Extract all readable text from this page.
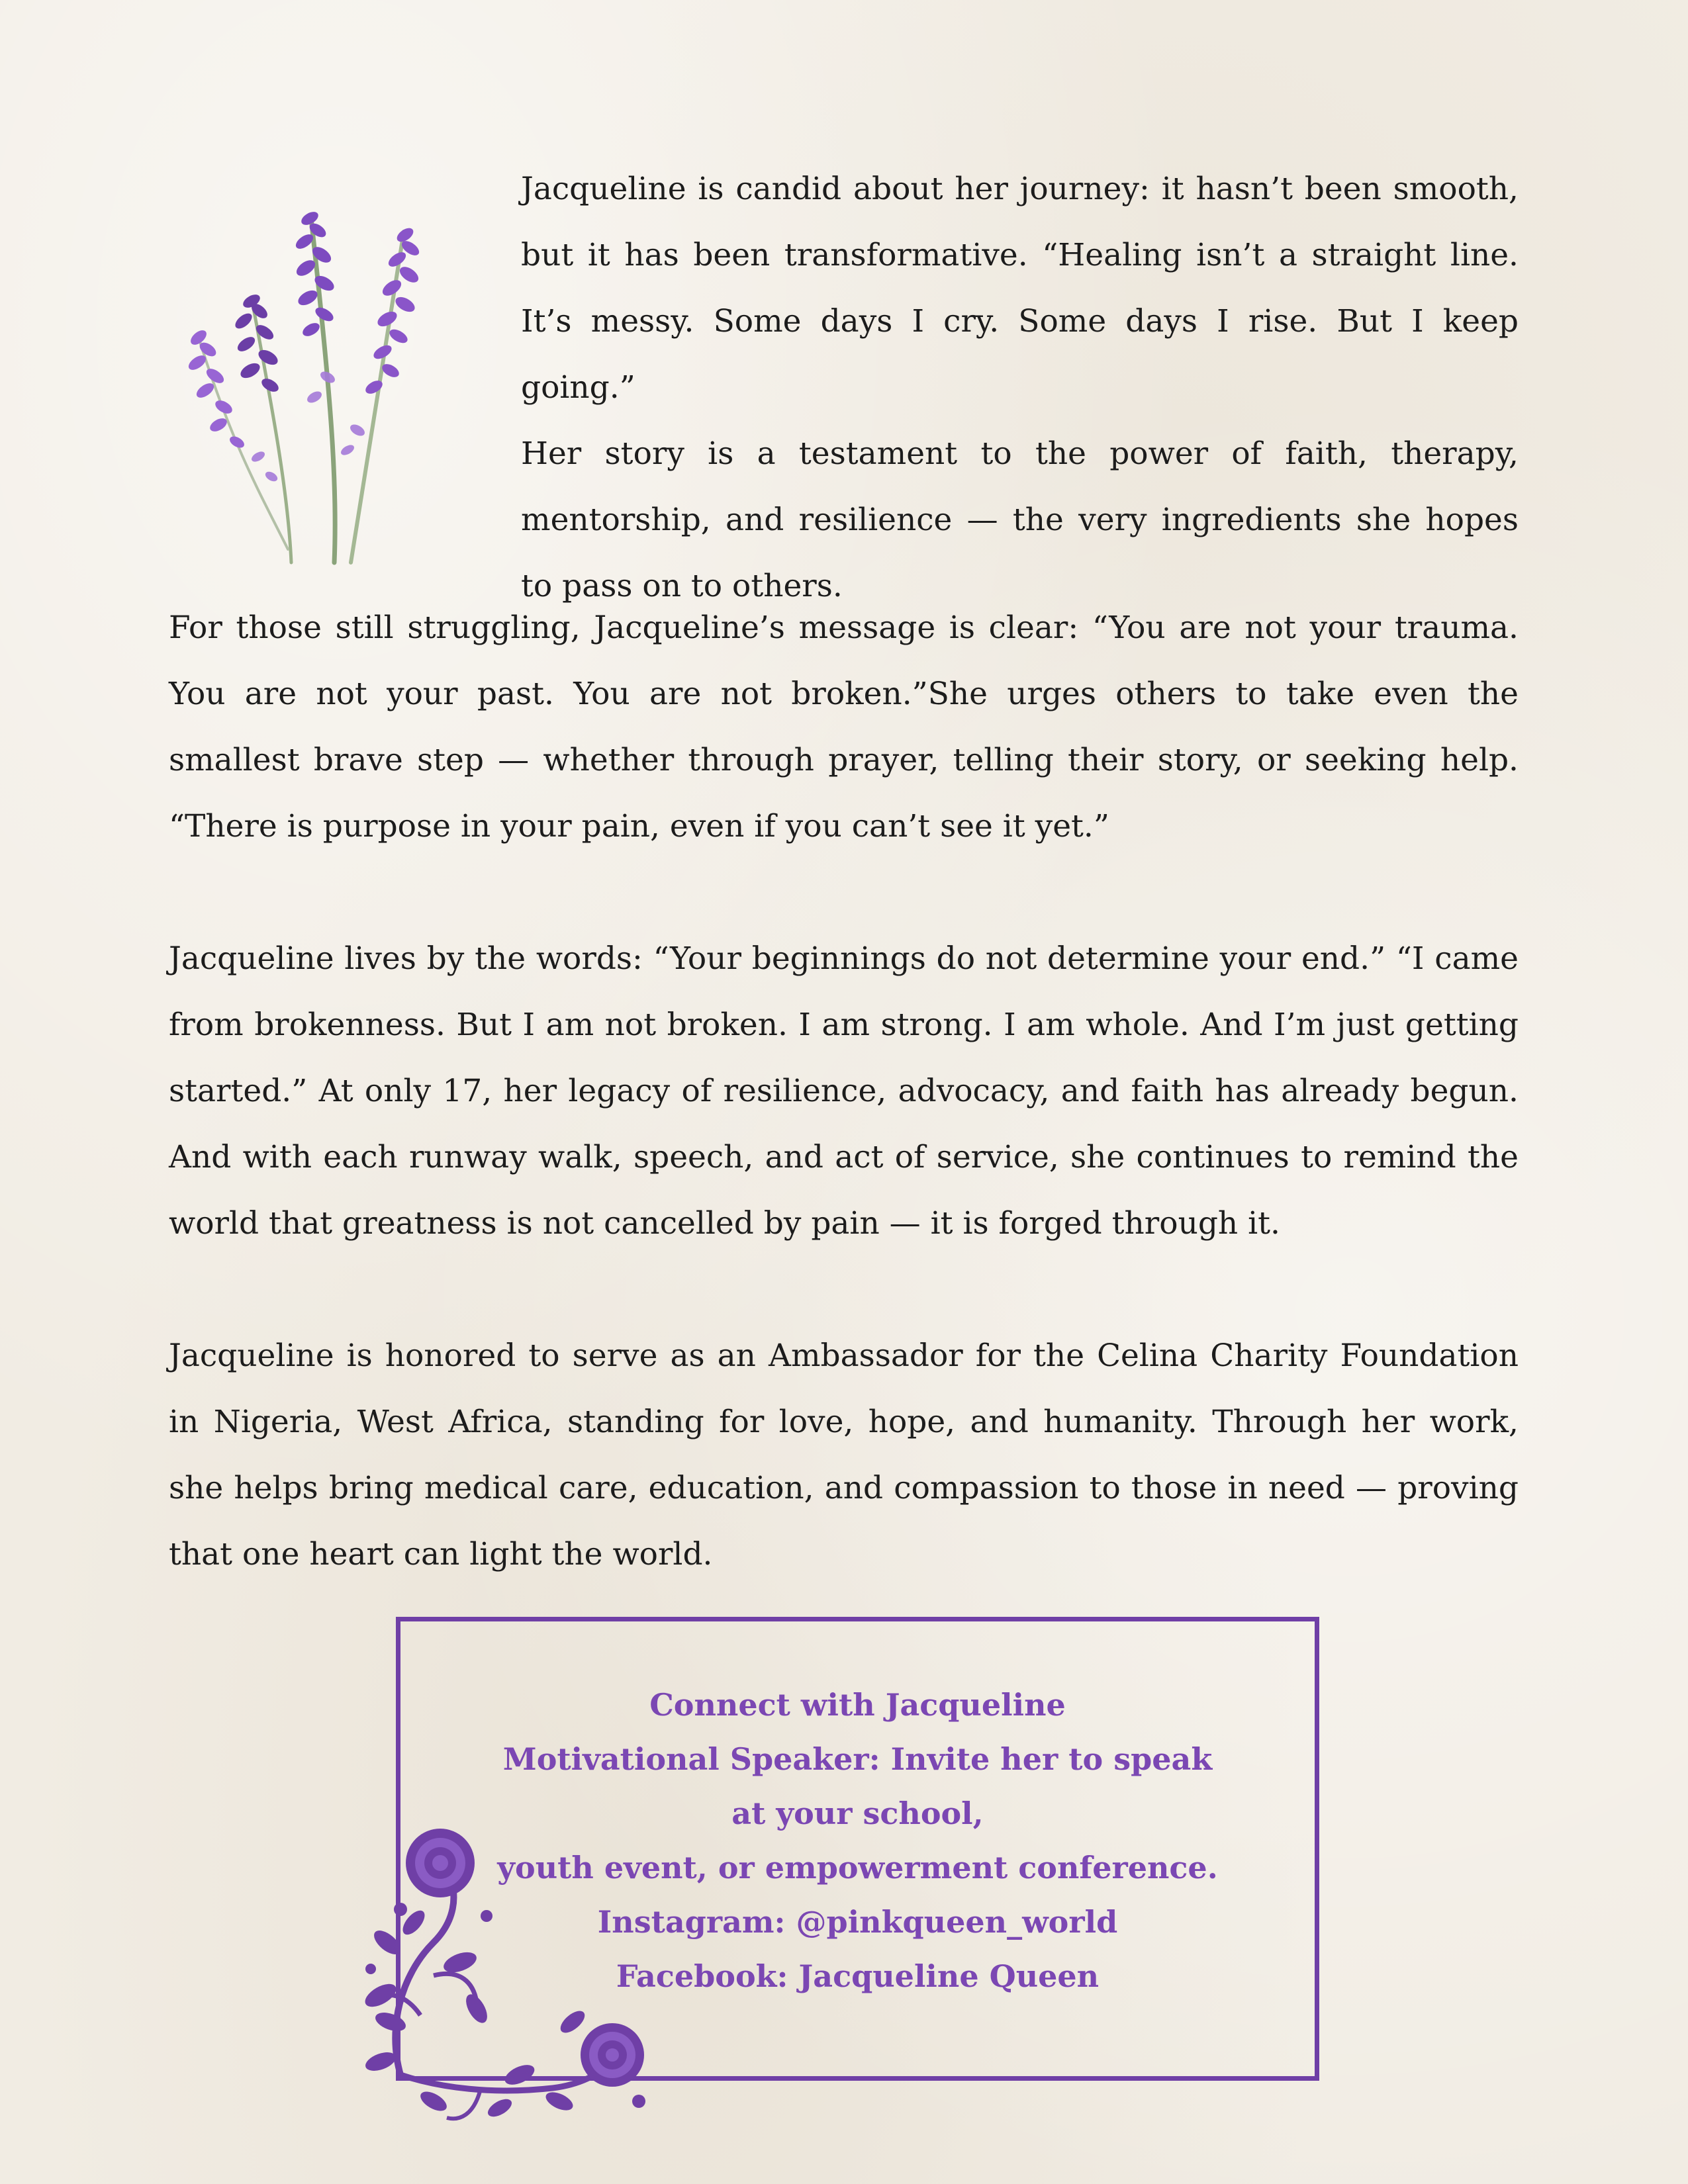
Jacqueline is candid about her journey: it hasn’t been smooth, but it has been transformative. “Healing isn’t a straight line. It’s messy. Some days I cry. Some days I rise. But I keep going.”
Her story is a testament to the power of faith, therapy, mentorship, and resilience — the very ingredients she hopes to pass on to others.

For those still struggling, Jacqueline’s message is clear: “You are not your trauma. You are not your past. You are not broken.”She urges others to take even the smallest brave step — whether through prayer, telling their story, or seeking help. “There is purpose in your pain, even if you can’t see it yet.”

Jacqueline lives by the words: “Your beginnings do not determine your end.” “I came from brokenness. But I am not broken. I am strong. I am whole. And I’m just getting started.” At only 17, her legacy of resilience, advocacy, and faith has already begun. And with each runway walk, speech, and act of service, she continues to remind the world that greatness is not cancelled by pain — it is forged through it.

Jacqueline is honored to serve as an Ambassador for the Celina Charity Foundation in Nigeria, West Africa, standing for love, hope, and humanity. Through her work, she helps bring medical care, education, and compassion to those in need — proving that one heart can light the world.

Connect with Jacqueline
Motivational Speaker: Invite her to speak
at your school,
youth event, or empowerment conference.
Instagram: @pinkqueen_world
Facebook: Jacqueline Queen
